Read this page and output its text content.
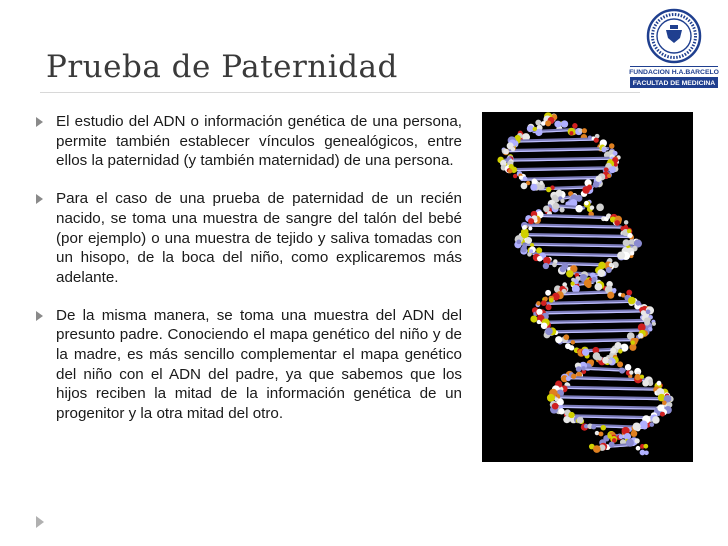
Prueba de Paternidad	FUNDACION H.A.BARCELO
FACULTAD DE MEDICINA
El estudio del ADN o información genética de una persona, permite también establecer vínculos genealógicos, entre ellos la paternidad (y también maternidad) de una persona.
Para el caso de una prueba de paternidad de un recién nacido, se toma una muestra de sangre del talón del bebé (por ejemplo) o una muestra de tejido y saliva tomadas con un hisopo, de la boca del niño, como explicaremos más adelante.
De la misma manera, se toma una muestra del ADN del presunto padre. Conociendo el mapa genético del niño y de la madre, es más sencillo complementar el mapa genético del niño con el ADN del padre, ya que sabemos que los hijos reciben la mitad de la información genética de un progenitor y la otra mitad del otro.
